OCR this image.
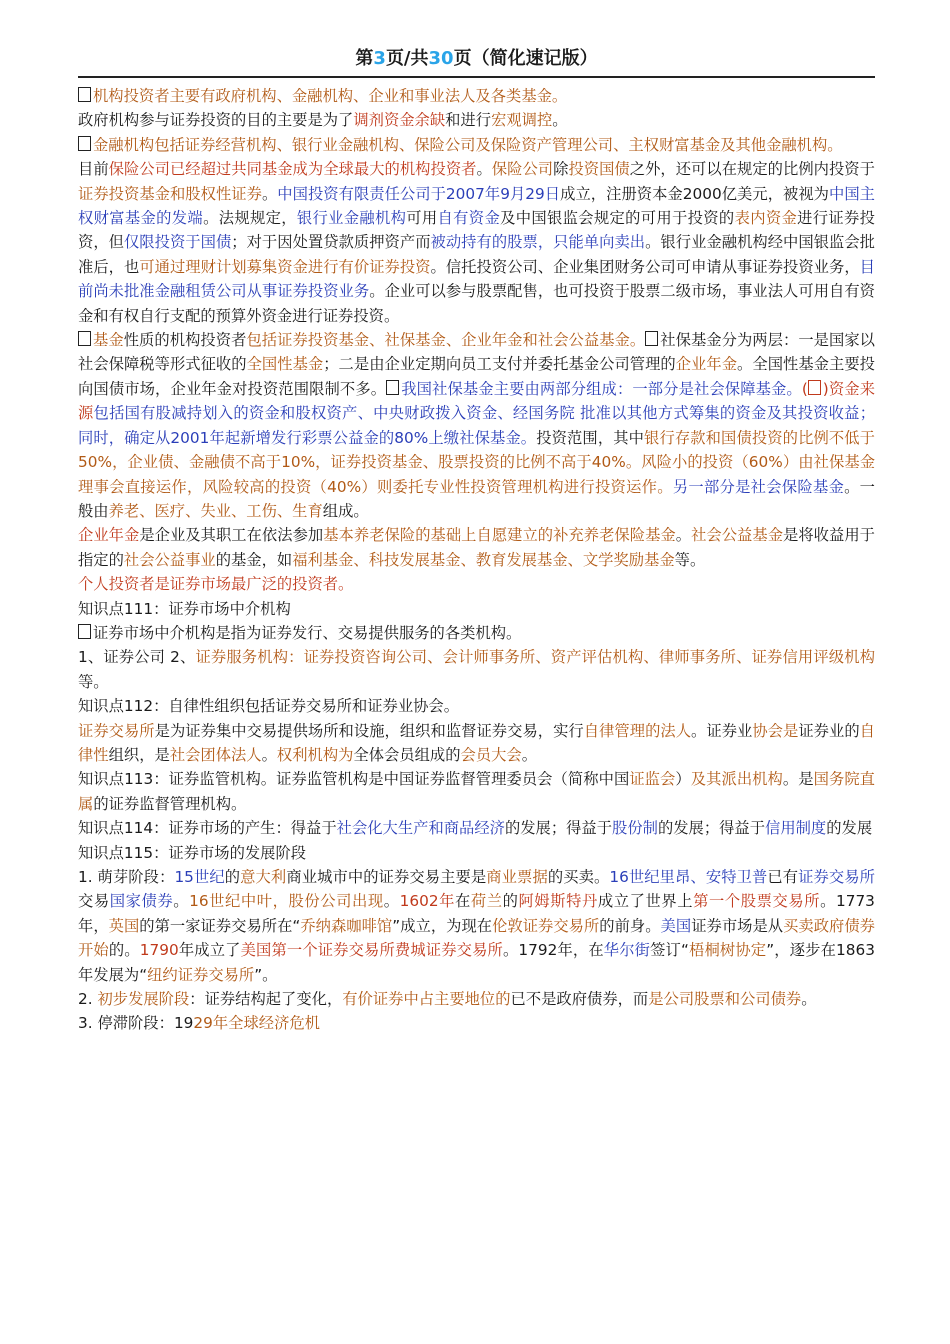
第3页/共30页（简化速记版）

机构投资者主要有政府机构、金融机构、企业和事业法人及各类基金。

政府机构参与证券投资的目的主要是为了调剂资金余缺和进行宏观调控。

金融机构包括证券经营机构、银行业金融机构、保险公司及保险资产管理公司、主权财富基金及其他金融机构。

目前保险公司已经超过共同基金成为全球最大的机构投资者。保险公司除投资国债之外，还可以在规定的比例内投资于证券投资基金和股权性证券。中国投资有限责任公司于2007年9月29日成立，注册资本金2000亿美元，被视为中国主权财富基金的发端。法规规定，银行业金融机构可用自有资金及中国银监会规定的可用于投资的表内资金进行证券投资，但仅限投资于国债；对于因处置贷款质押资产而被动持有的股票，只能单向卖出。银行业金融机构经中国银监会批准后，也可通过理财计划募集资金进行有价证券投资。信托投资公司、企业集团财务公司可申请从事证券投资业务，目前尚未批准金融租赁公司从事证券投资业务。企业可以参与股票配售，也可投资于股票二级市场，事业法人可用自有资金和有权自行支配的预算外资金进行证券投资。

基金性质的机构投资者包括证券投资基金、社保基金、企业年金和社会公益基金。 社保基金分为两层：一是国家以社会保障税等形式征收的全国性基金；二是由企业定期向员工支付并委托基金公司管理的企业年金。全国性基金主要投向国债市场，企业年金对投资范围限制不多。 我国社保基金主要由两部分组成：一部分是社会保障基金。( )资金来源包括国有股减持划入的资金和股权资产、中央财政拨入资金、经国务院 批准以其他方式筹集的资金及其投资收益；同时，确定从2001年起新增发行彩票公益金的80%上缴社保基金。投资范围，其中银行存款和国债投资的比例不低于50%，企业债、金融债不高于10%，证券投资基金、股票投资的比例不高于40%。风险小的投资（60%）由社保基金理事会直接运作，风险较高的投资（40%）则委托专业性投资管理机构进行投资运作。另一部分是社会保险基金。一般由养老、医疗、失业、工伤、生育组成。

企业年金是企业及其职工在依法参加基本养老保险的基础上自愿建立的补充养老保险基金。社会公益基金是将收益用于指定的社会公益事业的基金，如福利基金、科技发展基金、教育发展基金、文学奖励基金等。

个人投资者是证券市场最广泛的投资者。

知识点111：证券市场中介机构

证券市场中介机构是指为证券发行、交易提供服务的各类机构。

1、证券公司 2、证券服务机构：证券投资咨询公司、会计师事务所、资产评估机构、律师事务所、证券信用评级机构等。

知识点112：自律性组织包括证券交易所和证券业协会。

证券交易所是为证券集中交易提供场所和设施，组织和监督证券交易，实行自律管理的法人。证券业协会是证券业的自律性组织，是社会团体法人。权利机构为全体会员组成的会员大会。

知识点113：证券监管机构。证券监管机构是中国证券监督管理委员会（简称中国证监会）及其派出机构。是国务院直属的证券监督管理机构。

知识点114：证券市场的产生：得益于社会化大生产和商品经济的发展；得益于股份制的发展；得益于信用制度的发展

知识点115：证券市场的发展阶段

1. 萌芽阶段：15世纪的意大利商业城市中的证券交易主要是商业票据的买卖。16世纪里昂、安特卫普已有证券交易所交易国家债券。16世纪中叶，股份公司出现。1602年在荷兰的阿姆斯特丹成立了世界上第一个股票交易所。1773年，英国的第一家证券交易所在“乔纳森咖啡馆”成立，为现在伦敦证券交易所的前身。美国证券市场是从买卖政府债券开始的。1790年成立了美国第一个证券交易所费城证券交易所。1792年，在华尔街签订“梧桐树协定”，逐步在1863年发展为“纽约证券交易所”。

2. 初步发展阶段：证券结构起了变化，有价证券中占主要地位的已不是政府债券，而是公司股票和公司债券。

3. 停滞阶段：1929年全球经济危机
